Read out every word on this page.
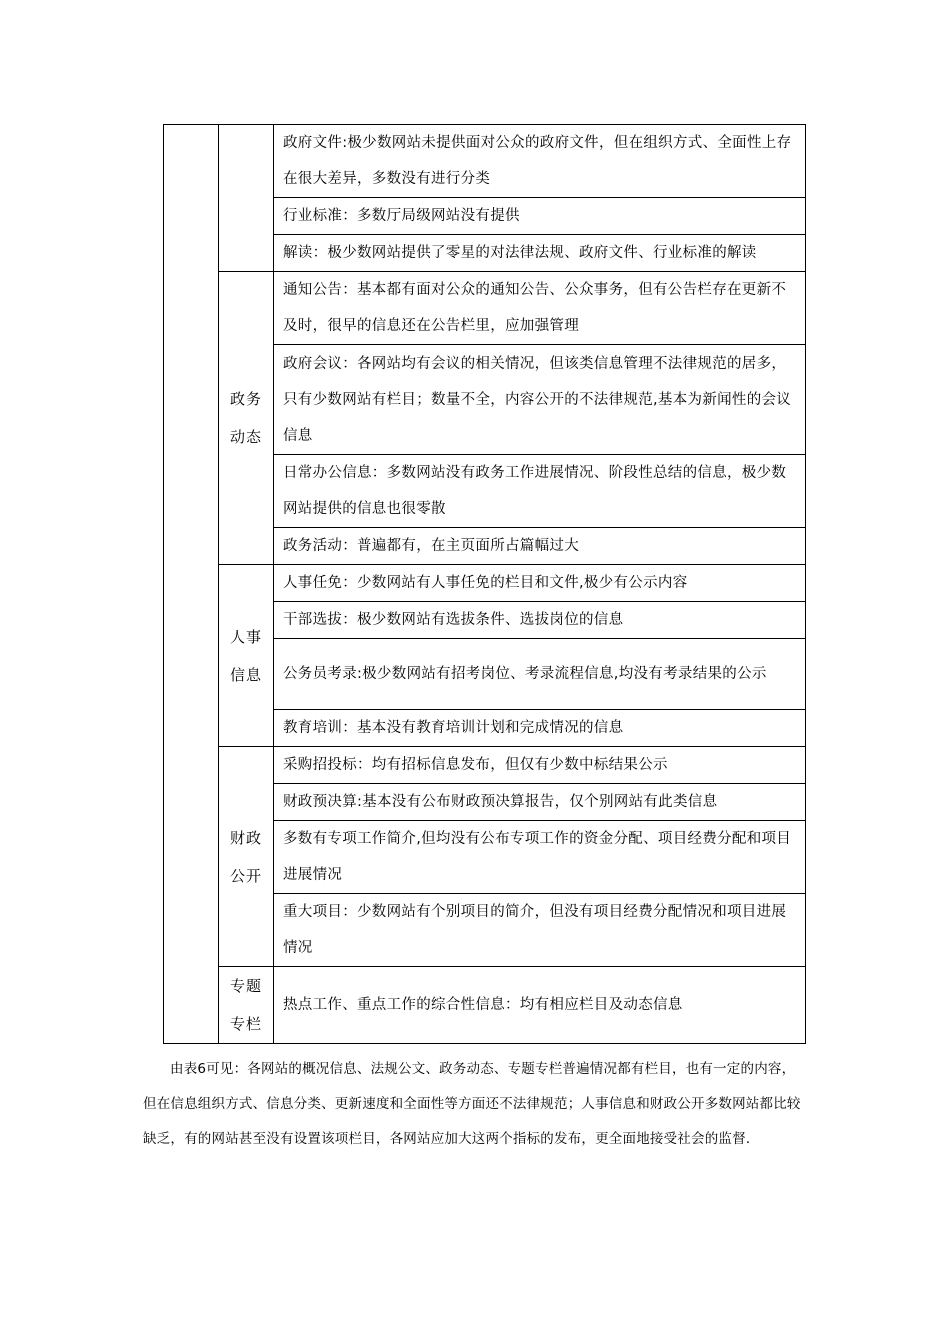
		政府文件:极少数网站未提供面对公众的政府文件，但在组织方式、全面性上存在很大差异，多数没有进行分类

		行业标准：多数厅局级网站没有提供

		解读：极少数网站提供了零星的对法律法规、政府文件、行业标准的解读

	政务动态	通知公告：基本都有面对公众的通知公告、公众事务，但有公告栏存在更新不及时，很早的信息还在公告栏里，应加强管理

		政府会议：各网站均有会议的相关情况，但该类信息管理不法律规范的居多，只有少数网站有栏目；数量不全，内容公开的不法律规范,基本为新闻性的会议信息

		日常办公信息：多数网站没有政务工作进展情况、阶段性总结的信息，极少数网站提供的信息也很零散

		政务活动：普遍都有，在主页面所占篇幅过大

	人事信息	人事任免：少数网站有人事任免的栏目和文件,极少有公示内容

		干部选拔：极少数网站有选拔条件、选拔岗位的信息

		公务员考录:极少数网站有招考岗位、考录流程信息,均没有考录结果的公示

		教育培训：基本没有教育培训计划和完成情况的信息

	财政公开	采购招投标：均有招标信息发布，但仅有少数中标结果公示

		财政预决算:基本没有公布财政预决算报告，仅个别网站有此类信息

		多数有专项工作简介,但均没有公布专项工作的资金分配、项目经费分配和项目进展情况

		重大项目：少数网站有个别项目的简介，但没有项目经费分配情况和项目进展情况

	专题专栏	热点工作、重点工作的综合性信息：均有相应栏目及动态信息

由表6可见：各网站的概况信息、法规公文、政务动态、专题专栏普遍情况都有栏目，也有一定的内容，但在信息组织方式、信息分类、更新速度和全面性等方面还不法律规范；人事信息和财政公开多数网站都比较缺乏，有的网站甚至没有设置该项栏目，各网站应加大这两个指标的发布，更全面地接受社会的监督.
